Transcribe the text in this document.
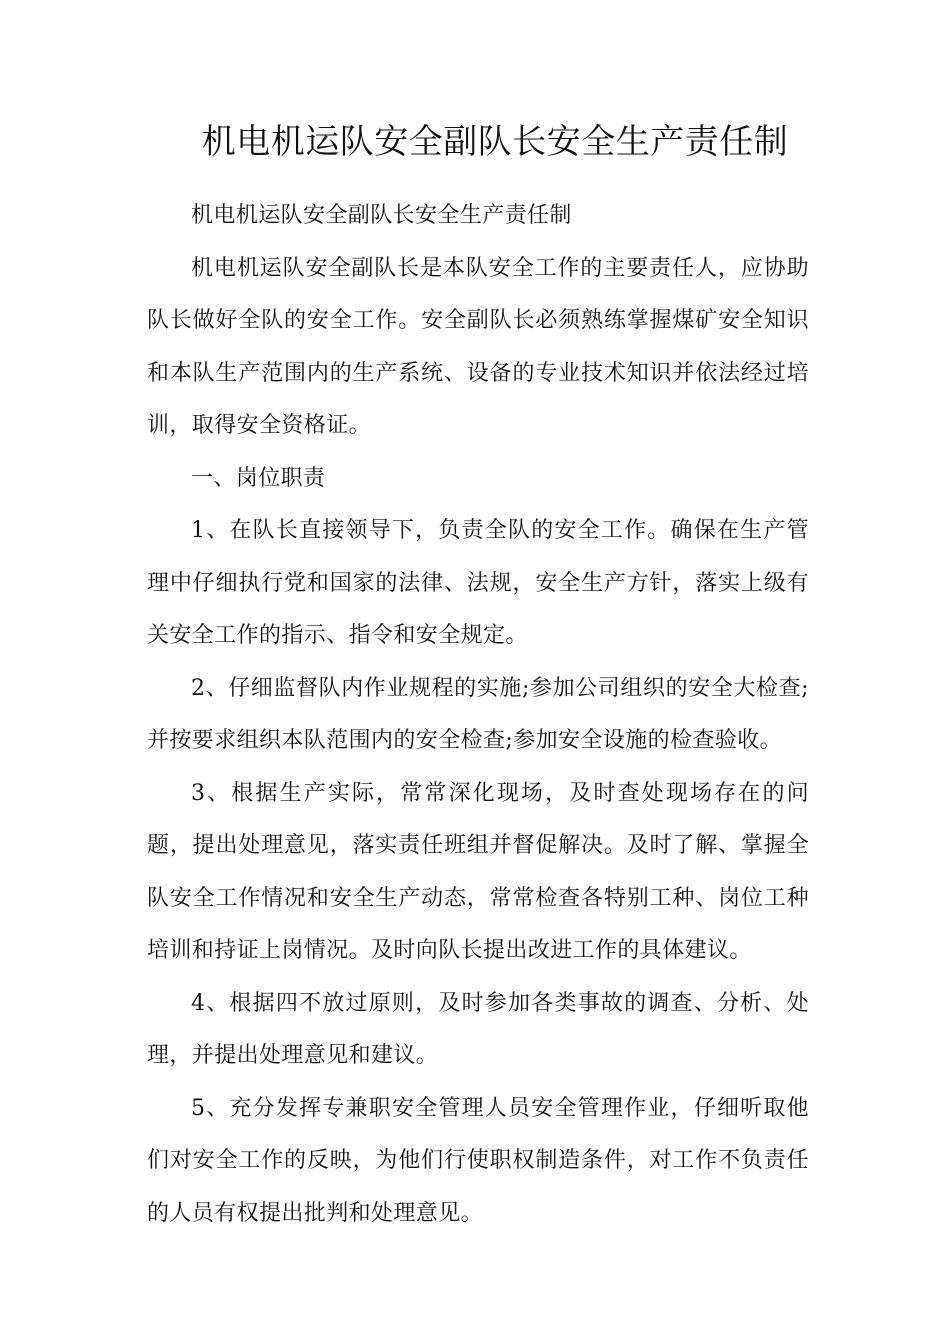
机电机运队安全副队长安全生产责任制

机电机运队安全副队长安全生产责任制

机电机运队安全副队长是本队安全工作的主要责任人，应协助队长做好全队的安全工作。安全副队长必须熟练掌握煤矿安全知识和本队生产范围内的生产系统、设备的专业技术知识并依法经过培训，取得安全资格证。

一、岗位职责

1、在队长直接领导下，负责全队的安全工作。确保在生产管理中仔细执行党和国家的法律、法规，安全生产方针，落实上级有关安全工作的指示、指令和安全规定。

2、仔细监督队内作业规程的实施;参加公司组织的安全大检查;并按要求组织本队范围内的安全检查;参加安全设施的检查验收。

3、根据生产实际，常常深化现场，及时查处现场存在的问题，提出处理意见，落实责任班组并督促解决。及时了解、掌握全队安全工作情况和安全生产动态，常常检查各特别工种、岗位工种培训和持证上岗情况。及时向队长提出改进工作的具体建议。

4、根据四不放过原则，及时参加各类事故的调查、分析、处理，并提出处理意见和建议。

5、充分发挥专兼职安全管理人员安全管理作业，仔细听取他们对安全工作的反映，为他们行使职权制造条件，对工作不负责任的人员有权提出批判和处理意见。
